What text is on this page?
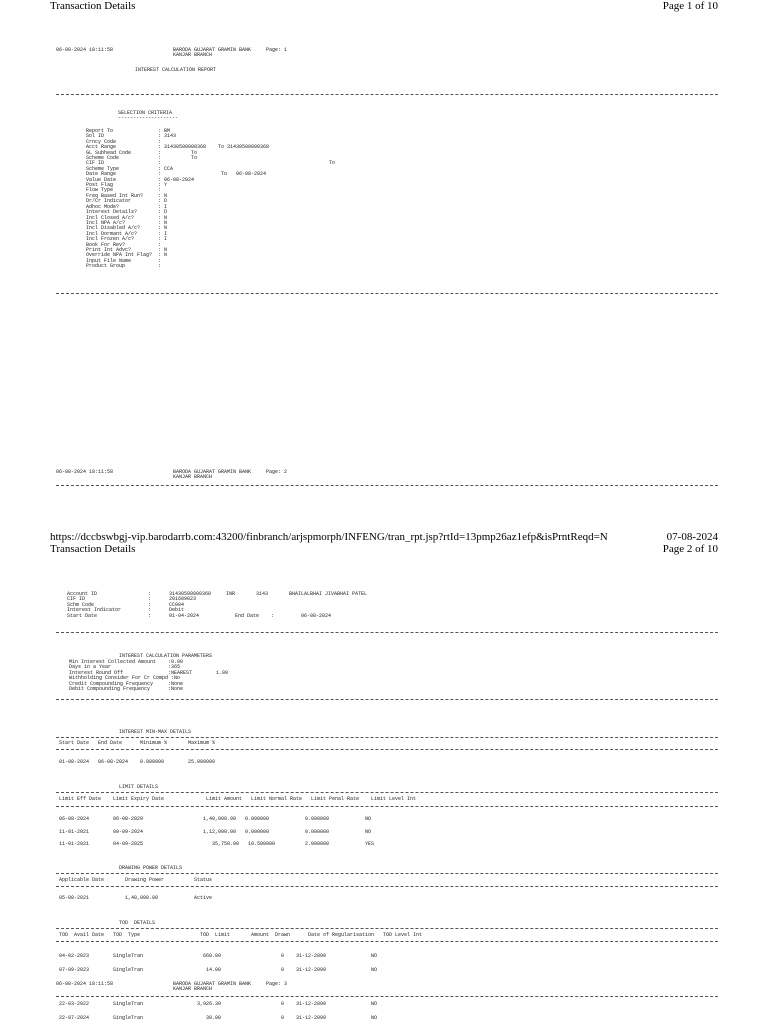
Transaction Details	Page 1 of 10
06-08-2024 18:11:58                    BARODA GUJARAT GRAMIN BANK     Page: 1
KANJAR BRANCH
INTEREST CALCULATION REPORT
SELECTION CRITERIA
--------------------
Report To               : BM
Sol ID                  : 3143
Crncy Code              :
Acct Range              : 31430500000368    To 31430500000368
GL Subhead Code         :          To
Scheme Code             :          To
CIF ID                  :                                                        To
Scheme Type             : CCA
Date Range              :                    To   06-08-2024
Value Date              : 06-08-2024
Post Flag               : Y
Flow Type               :
Freq Based Int Run?     : N
Dr/Cr Indicator         : D
Adhoc Mode?             : I
Interest Details?       : D
Incl Closed A/c?        : N
Incl NPA A/c?           : N
Incl Disabled A/c?      : N
Incl Dormant A/c?       : I
Incl Frozen A/c?        : I
Book For Rev?           :
Print Int Advc?         : N
Override NPA Int Flag?  : N
Input File Name         :
Product Group           :
06-08-2024 18:11:58                    BARODA GUJARAT GRAMIN BANK     Page: 2
KANJAR BRANCH
https://dccbswbgj-vip.barodarrb.com:43200/finbranch/arjspmorph/INFENG/tran_rpt.jsp?rtId=13pmp26az1efp&isPrntReqd=N	07-08-2024
Transaction Details	Page 2 of 10
Account ID                 :      31430500000368     INR       3143       BHAILALBHAI JIVABHAI PATEL
CIF ID                     :      201609023
Schm Code                  :      CC004
Interest Indicator         :      Debit
Start Date                 :      01-04-2024            End Date    :         06-08-2024
INTEREST CALCULATION PARAMETERS
Min Interest Collected Amount    :0.00
Days in a Year                   :365
Interest Round Off               :NEAREST        1.00
Withholding Consider For Cr Compd :No
Credit Compounding Frequency     :None
Debit Compounding Frequency      :None
INTEREST MIN-MAX DETAILS
Start Date   End Date      Minimum %       Maximum %
01-08-2024   06-08-2024    0.000000        25.000000
LIMIT DETAILS
Limit Eff Date    Limit Expiry Date              Limit Amount   Limit Normal Rate   Limit Penal Rate    Limit Level Int
06-08-2024        06-08-2029                    1,40,000.00   0.000000            0.000000            NO

11-01-2021        09-09-2024                    1,12,000.00   0.000000            0.000000            NO

11-01-2021        04-09-2025                       35,750.00   10.500000          2.000000            YES
DRAWING POWER DETAILS
Applicable Date       Drawing Power          Status
05-08-2021            1,40,000.00            Active
TOD  DETAILS
TOD  Avail Date   TOD  Type                    TOD  Limit       Amount  Drawn      Date of Regularisation   TOD Level Int
04-02-2023        SingleTran                    660.80                    0    31-12-2099               NO

07-09-2023        SingleTran                     14.00                    0    31-12-2099               NO
06-08-2024 18:11:58                    BARODA GUJARAT GRAMIN BANK     Page: 3
KANJAR BRANCH
22-03-2022        SingleTran                  3,926.30                    0    31-12-2099               NO

22-07-2024        SingleTran                     30.00                    0    31-12-2099               NO
